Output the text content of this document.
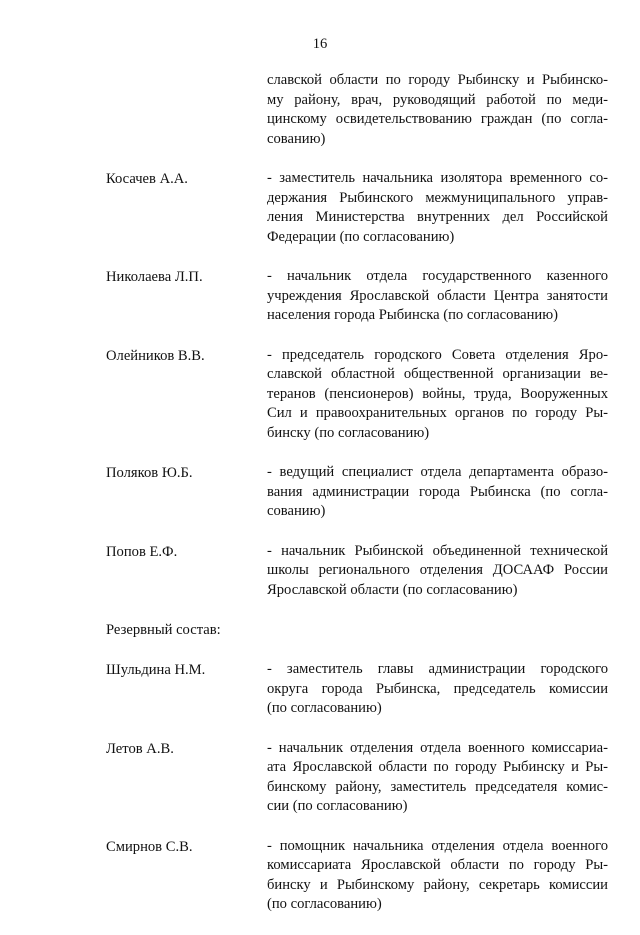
16
славской области по городу Рыбинску и Рыбинско-
му району, врач, руководящий работой по меди-
цинскому освидетельствованию граждан (по согла-
сованию)
Косачев А.А.	- заместитель начальника изолятора временного со-
держания Рыбинского межмуниципального управ-
ления Министерства внутренних дел Российской
Федерации (по согласованию)
Николаева Л.П.	- начальник отдела государственного казенного
учреждения Ярославской области Центра занятости
населения города Рыбинска (по согласованию)
Олейников В.В.	- председатель городского Совета отделения Яро-
славской областной общественной организации ве-
теранов (пенсионеров) войны, труда, Вооруженных
Сил и правоохранительных органов по городу Ры-
бинску (по согласованию)
Поляков Ю.Б.	- ведущий специалист отдела департамента образо-
вания администрации города Рыбинска (по согла-
сованию)
Попов Е.Ф.	- начальник Рыбинской объединенной технической
школы регионального отделения ДОСААФ России
Ярославской области (по согласованию)
Резервный состав:
Шульдина Н.М.	- заместитель главы администрации городского
округа города Рыбинска, председатель комиссии
(по согласованию)
Летов А.В.	- начальник отделения отдела военного комиссариа-
ата Ярославской области по городу Рыбинску и Ры-
бинскому району, заместитель председателя комис-
сии (по согласованию)
Смирнов С.В.	- помощник начальника отделения отдела военного
комиссариата Ярославской области по городу Ры-
бинску и Рыбинскому району, секретарь комиссии
(по согласованию)
